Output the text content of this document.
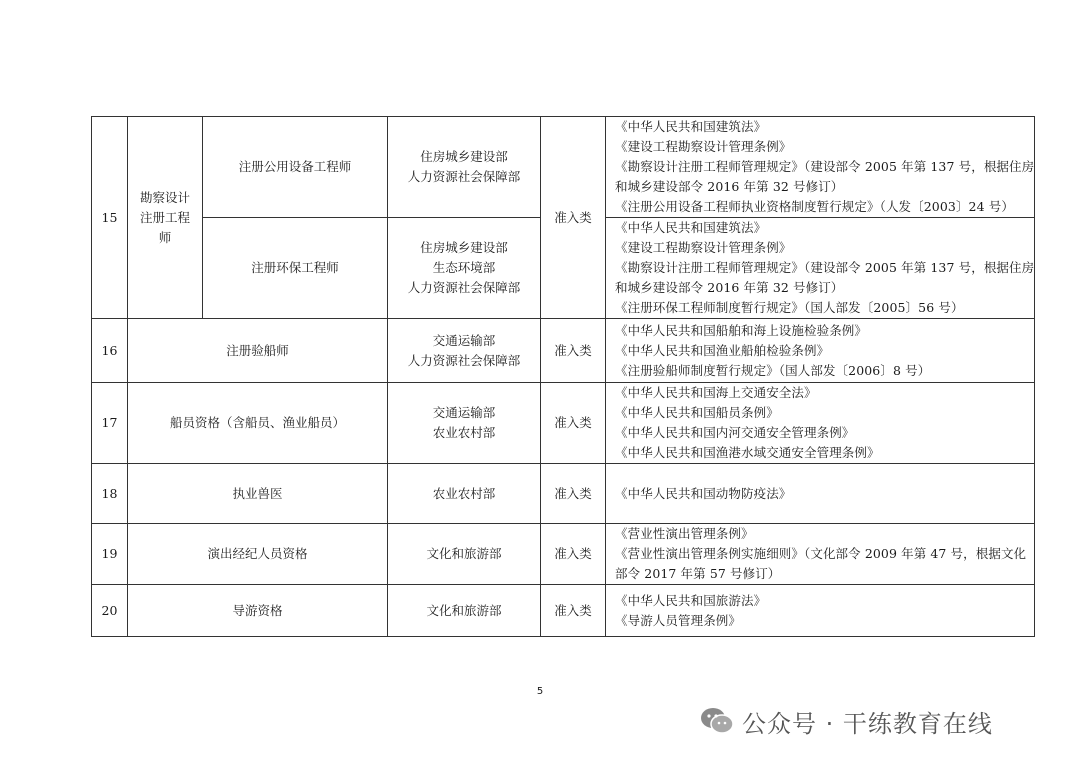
15	勘察设计
注册工程
师	注册公用设备工程师	住房城乡建设部
人力资源社会保障部	准入类	《中华人民共和国建筑法》
《建设工程勘察设计管理条例》
《勘察设计注册工程师管理规定》（建设部令 2005 年第 137 号，根据住房
和城乡建设部令 2016 年第 32 号修订）
《注册公用设备工程师执业资格制度暂行规定》（人发〔2003〕24 号）

		注册环保工程师	住房城乡建设部
生态环境部
人力资源社会保障部		《中华人民共和国建筑法》
《建设工程勘察设计管理条例》
《勘察设计注册工程师管理规定》（建设部令 2005 年第 137 号，根据住房
和城乡建设部令 2016 年第 32 号修订）
《注册环保工程师制度暂行规定》（国人部发〔2005〕56 号）

16	注册验船师		交通运输部
人力资源社会保障部	准入类	《中华人民共和国船舶和海上设施检验条例》
《中华人民共和国渔业船舶检验条例》
《注册验船师制度暂行规定》（国人部发〔2006〕8 号）

17	船员资格（含船员、渔业船员）		交通运输部
农业农村部	准入类	《中华人民共和国海上交通安全法》
《中华人民共和国船员条例》
《中华人民共和国内河交通安全管理条例》
《中华人民共和国渔港水域交通安全管理条例》

18	执业兽医		农业农村部	准入类	《中华人民共和国动物防疫法》

19	演出经纪人员资格		文化和旅游部	准入类	《营业性演出管理条例》
《营业性演出管理条例实施细则》（文化部令 2009 年第 47 号，根据文化
部令 2017 年第 57 号修订）

20	导游资格		文化和旅游部	准入类	《中华人民共和国旅游法》
《导游人员管理条例》
5
公众号 · 干练教育在线
